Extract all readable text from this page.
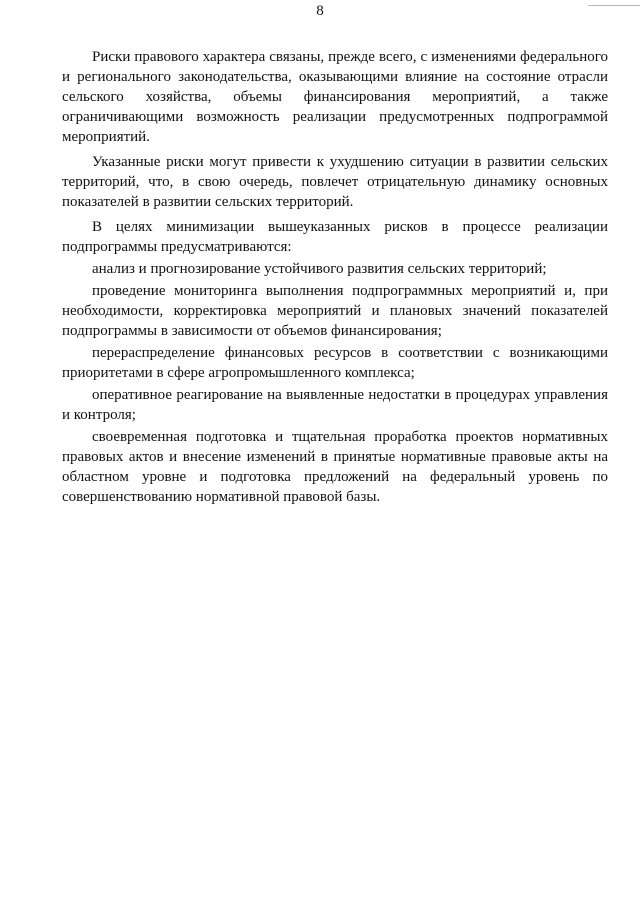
8

Риски правового характера связаны, прежде всего, с изменениями федерального и регионального законодательства, оказывающими влияние на состояние отрасли сельского хозяйства, объемы финансирования мероприятий, а также ограничивающими возможность реализации предусмотренных подпрограммой мероприятий.

Указанные риски могут привести к ухудшению ситуации в развитии сельских территорий, что, в свою очередь, повлечет отрицательную динамику основных показателей в развитии сельских территорий.

В целях минимизации вышеуказанных рисков в процессе реализации подпрограммы предусматриваются:

анализ и прогнозирование устойчивого развития сельских территорий;

проведение мониторинга выполнения подпрограммных мероприятий и, при необходимости, корректировка мероприятий и плановых значений показателей подпрограммы в зависимости от объемов финансирования;

перераспределение финансовых ресурсов в соответствии с возникающими приоритетами в сфере агропромышленного комплекса;

оперативное реагирование на выявленные недостатки в процедурах управления и контроля;

своевременная подготовка и тщательная проработка проектов нормативных правовых актов и внесение изменений в принятые нормативные правовые акты на областном уровне и подготовка предложений на федеральный уровень по совершенствованию нормативной правовой базы.
